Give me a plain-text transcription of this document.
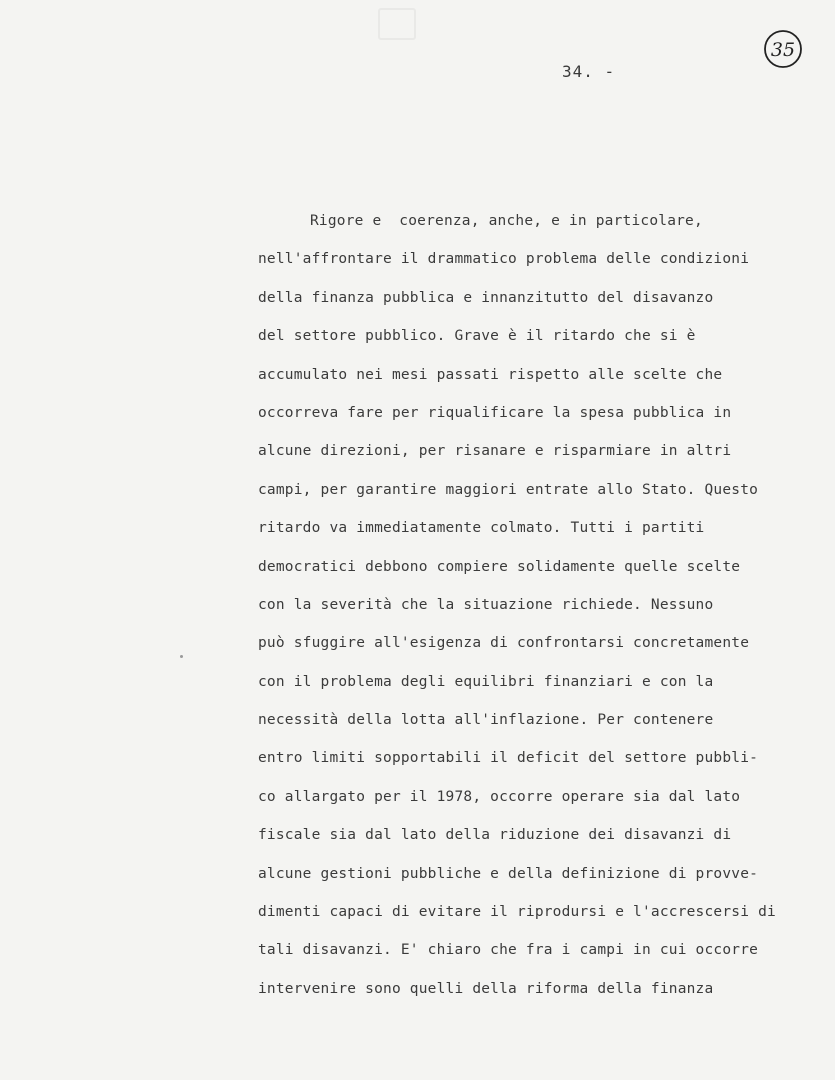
34. -
35
Rigore e  coerenza, anche, e in particolare,
nell'affrontare il drammatico problema delle condizioni
della finanza pubblica e innanzitutto del disavanzo
del settore pubblico. Grave è il ritardo che si è
accumulato nei mesi passati rispetto alle scelte che
occorreva fare per riqualificare la spesa pubblica in
alcune direzioni, per risanare e risparmiare in altri
campi, per garantire maggiori entrate allo Stato. Questo
ritardo va immediatamente colmato. Tutti i partiti
democratici debbono compiere solidamente quelle scelte
con la severità che la situazione richiede. Nessuno
può sfuggire all'esigenza di confrontarsi concretamente
con il problema degli equilibri finanziari e con la
necessità della lotta all'inflazione. Per contenere
entro limiti sopportabili il deficit del settore pubbli-
co allargato per il 1978, occorre operare sia dal lato
fiscale sia dal lato della riduzione dei disavanzi di
alcune gestioni pubbliche e della definizione di provve-
dimenti capaci di evitare il riprodursi e l'accrescersi di
tali disavanzi. E' chiaro che fra i campi in cui occorre
intervenire sono quelli della riforma della finanza
